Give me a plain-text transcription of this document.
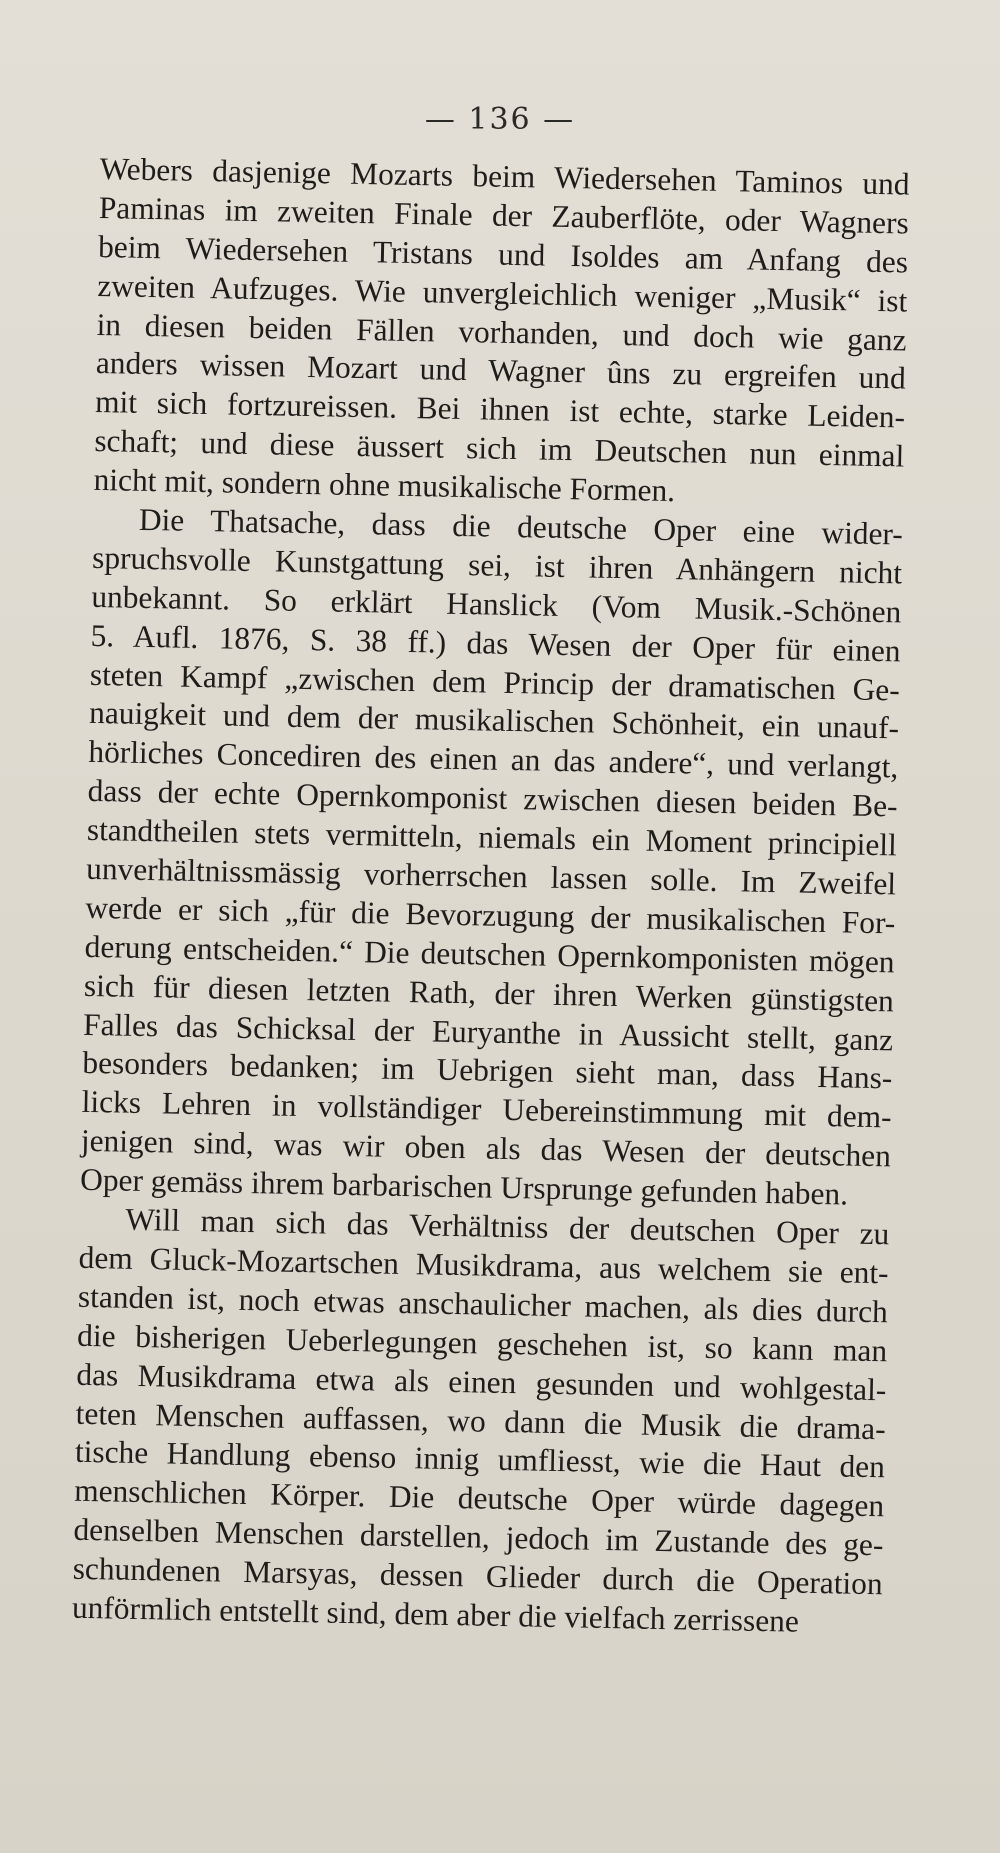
— 136 —
Webers dasjenige Mozarts beim Wiedersehen Taminos und
Paminas im zweiten Finale der Zauberflöte, oder Wagners
beim Wiedersehen Tristans und Isoldes am Anfang des
zweiten Aufzuges. Wie unvergleichlich weniger „Musik“ ist
in diesen beiden Fällen vorhanden, und doch wie ganz
anders wissen Mozart und Wagner ûns zu ergreifen und
mit sich fortzureissen. Bei ihnen ist echte, starke Leiden-
schaft; und diese äussert sich im Deutschen nun einmal
nicht mit, sondern ohne musikalische Formen.
Die Thatsache, dass die deutsche Oper eine wider-
spruchsvolle Kunstgattung sei, ist ihren Anhängern nicht
unbekannt. So erklärt Hanslick (Vom Musik.-Schönen
5. Aufl. 1876, S. 38 ff.) das Wesen der Oper für einen
steten Kampf „zwischen dem Princip der dramatischen Ge-
nauigkeit und dem der musikalischen Schönheit, ein unauf-
hörliches Concediren des einen an das andere“, und verlangt,
dass der echte Opernkomponist zwischen diesen beiden Be-
standtheilen stets vermitteln, niemals ein Moment principiell
unverhältnissmässig vorherrschen lassen solle. Im Zweifel
werde er sich „für die Bevorzugung der musikalischen For-
derung entscheiden.“ Die deutschen Opernkomponisten mögen
sich für diesen letzten Rath, der ihren Werken günstigsten
Falles das Schicksal der Euryanthe in Aussicht stellt, ganz
besonders bedanken; im Uebrigen sieht man, dass Hans-
licks Lehren in vollständiger Uebereinstimmung mit dem-
jenigen sind, was wir oben als das Wesen der deutschen
Oper gemäss ihrem barbarischen Ursprunge gefunden haben.
Will man sich das Verhältniss der deutschen Oper zu
dem Gluck-Mozartschen Musikdrama, aus welchem sie ent-
standen ist, noch etwas anschaulicher machen, als dies durch
die bisherigen Ueberlegungen geschehen ist, so kann man
das Musikdrama etwa als einen gesunden und wohlgestal-
teten Menschen auffassen, wo dann die Musik die drama-
tische Handlung ebenso innig umfliesst, wie die Haut den
menschlichen Körper. Die deutsche Oper würde dagegen
denselben Menschen darstellen, jedoch im Zustande des ge-
schundenen Marsyas, dessen Glieder durch die Operation
unförmlich entstellt sind, dem aber die vielfach zerrissene
